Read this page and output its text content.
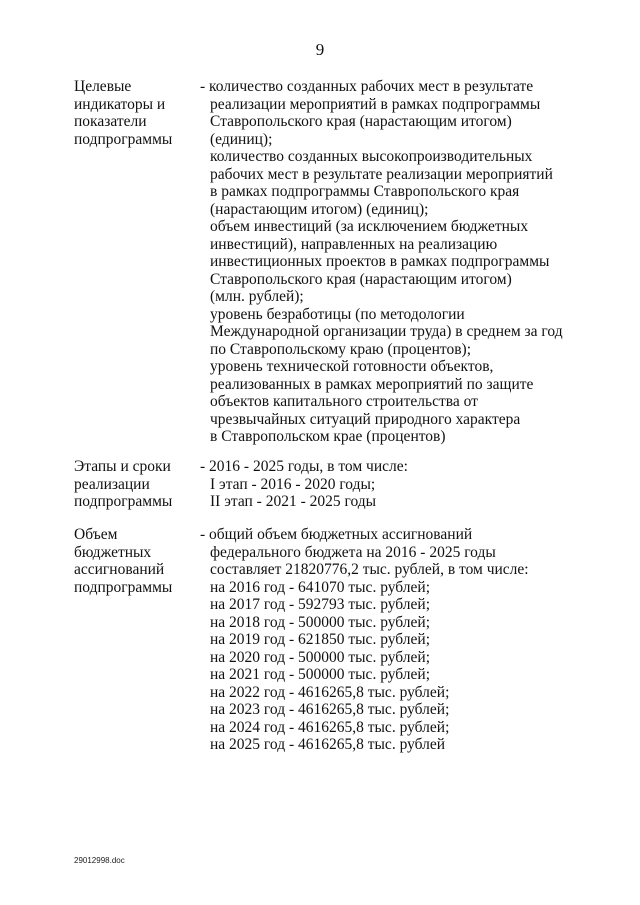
9
Целевые
индикаторы и
показатели
подпрограммы
- количество созданных рабочих мест в результате
реализации мероприятий в рамках подпрограммы
Ставропольского края (нарастающим итогом)
(единиц);
количество созданных высокопроизводительных
рабочих мест в результате реализации мероприятий
в рамках подпрограммы Ставропольского края
(нарастающим итогом) (единиц);
объем инвестиций (за исключением бюджетных
инвестиций), направленных на реализацию
инвестиционных проектов в рамках подпрограммы
Ставропольского края (нарастающим итогом)
(млн. рублей);
уровень безработицы (по методологии
Международной организации труда) в среднем за год
по Ставропольскому краю (процентов);
уровень технической готовности объектов,
реализованных в рамках мероприятий по защите
объектов капитального строительства от
чрезвычайных ситуаций природного характера
в Ставропольском крае (процентов)
Этапы и сроки
реализации
подпрограммы
- 2016 - 2025 годы, в том числе:
I этап - 2016 - 2020 годы;
II этап - 2021 - 2025 годы
Объем
бюджетных
ассигнований
подпрограммы
- общий объем бюджетных ассигнований
федерального бюджета на 2016 - 2025 годы
составляет 21820776,2 тыс. рублей, в том числе:
на 2016 год - 641070 тыс. рублей;
на 2017 год - 592793 тыс. рублей;
на 2018 год - 500000 тыс. рублей;
на 2019 год - 621850 тыс. рублей;
на 2020 год - 500000 тыс. рублей;
на 2021 год - 500000 тыс. рублей;
на 2022 год - 4616265,8 тыс. рублей;
на 2023 год - 4616265,8 тыс. рублей;
на 2024 год - 4616265,8 тыс. рублей;
на 2025 год - 4616265,8 тыс. рублей
29012998.doc
